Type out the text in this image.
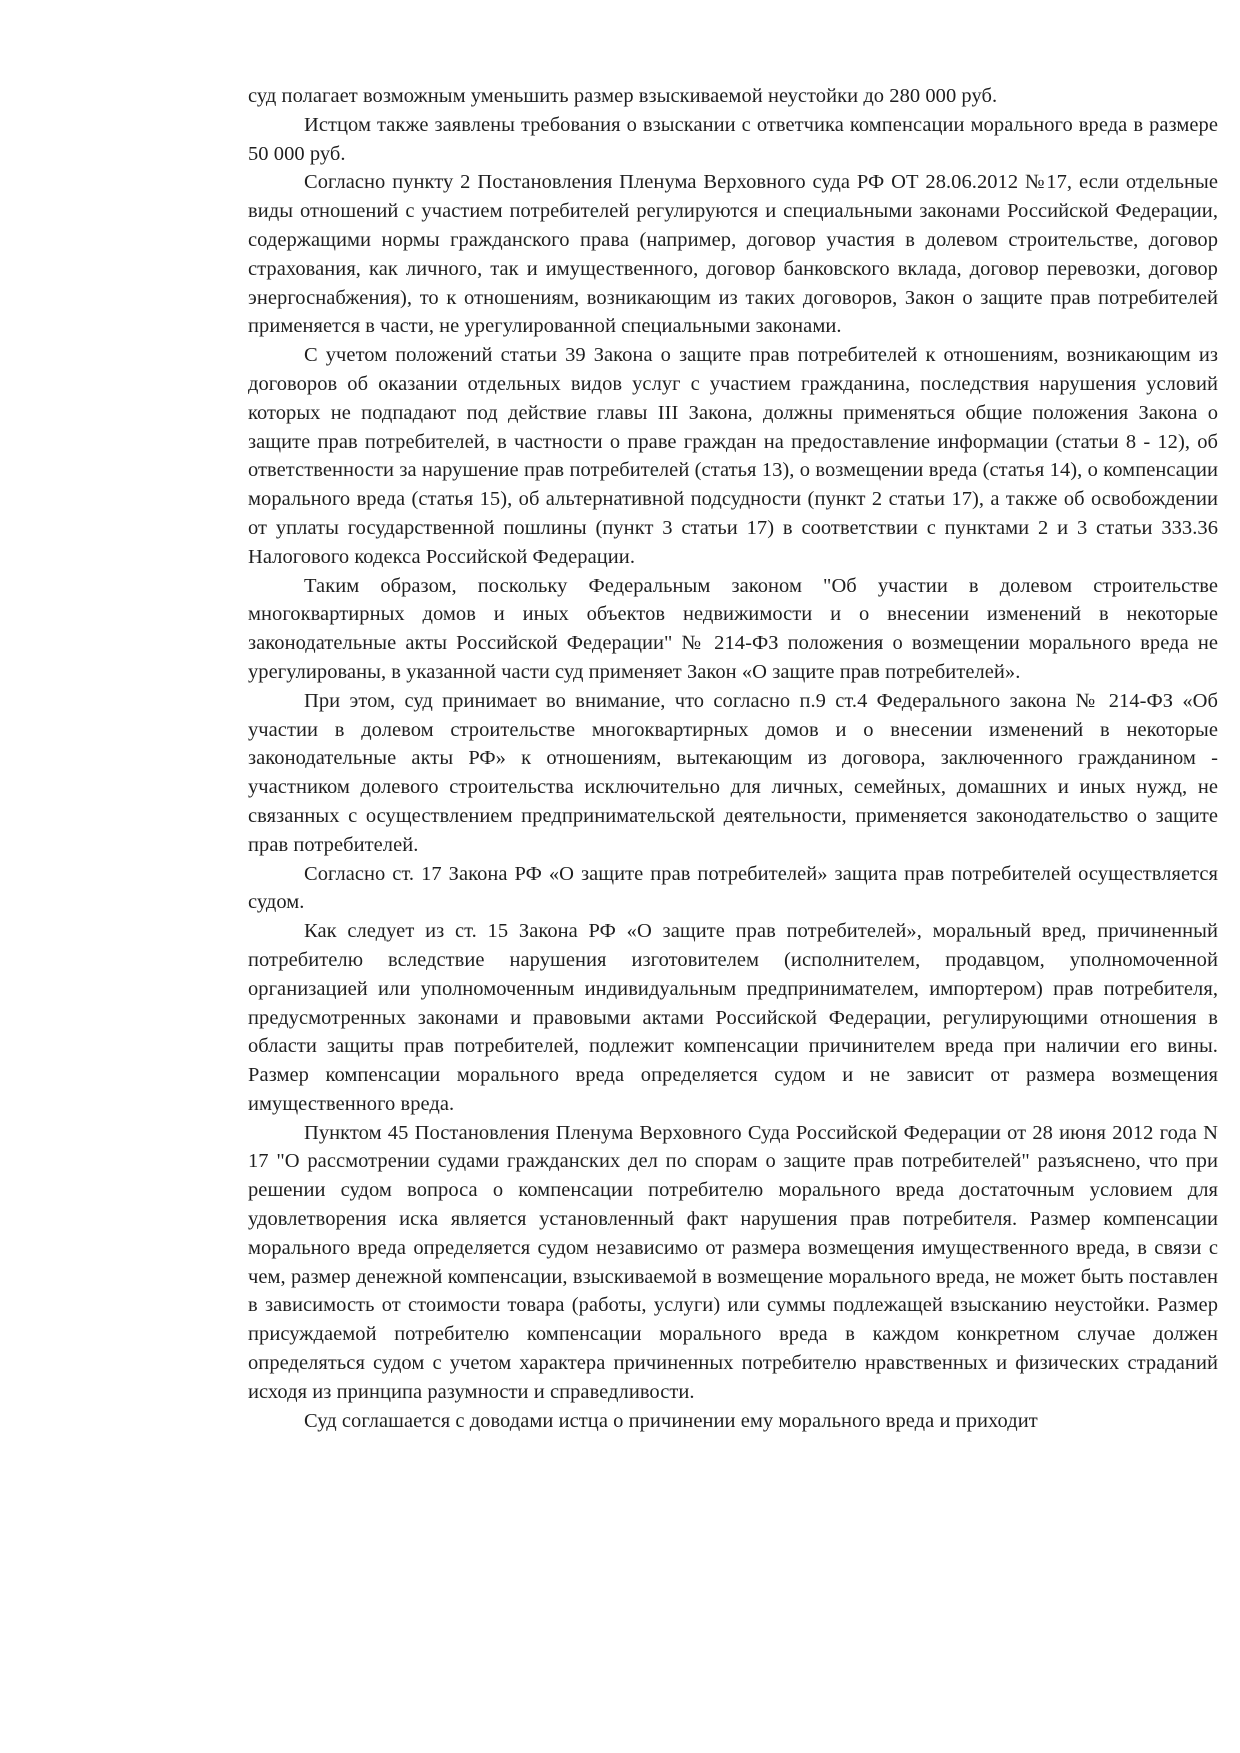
суд полагает возможным уменьшить размер взыскиваемой неустойки до 280 000 руб.

Истцом также заявлены требования о взыскании с ответчика компенсации морального вреда в размере 50 000 руб.

Согласно пункту 2 Постановления Пленума Верховного суда РФ ОТ 28.06.2012 №17, если отдельные виды отношений с участием потребителей регулируются и специальными законами Российской Федерации, содержащими нормы гражданского права (например, договор участия в долевом строительстве, договор страхования, как личного, так и имущественного, договор банковского вклада, договор перевозки, договор энергоснабжения), то к отношениям, возникающим из таких договоров, Закон о защите прав потребителей применяется в части, не урегулированной специальными законами.

С учетом положений статьи 39 Закона о защите прав потребителей к отношениям, возникающим из договоров об оказании отдельных видов услуг с участием гражданина, последствия нарушения условий которых не подпадают под действие главы III Закона, должны применяться общие положения Закона о защите прав потребителей, в частности о праве граждан на предоставление информации (статьи 8 - 12), об ответственности за нарушение прав потребителей (статья 13), о возмещении вреда (статья 14), о компенсации морального вреда (статья 15), об альтернативной подсудности (пункт 2 статьи 17), а также об освобождении от уплаты государственной пошлины (пункт 3 статьи 17) в соответствии с пунктами 2 и 3 статьи 333.36 Налогового кодекса Российской Федерации.

Таким образом, поскольку Федеральным законом "Об участии в долевом строительстве многоквартирных домов и иных объектов недвижимости и о внесении изменений в некоторые законодательные акты Российской Федерации" № 214-ФЗ положения о возмещении морального вреда не урегулированы, в указанной части суд применяет Закон «О защите прав потребителей».

При этом, суд принимает во внимание, что согласно п.9 ст.4 Федерального закона № 214-ФЗ «Об участии в долевом строительстве многоквартирных домов и о внесении изменений в некоторые законодательные акты РФ» к отношениям, вытекающим из договора, заключенного гражданином - участником долевого строительства исключительно для личных, семейных, домашних и иных нужд, не связанных с осуществлением предпринимательской деятельности, применяется законодательство о защите прав потребителей.

Согласно ст. 17 Закона РФ «О защите прав потребителей» защита прав потребителей осуществляется судом.

Как следует из ст. 15 Закона РФ «О защите прав потребителей», моральный вред, причиненный потребителю вследствие нарушения изготовителем (исполнителем, продавцом, уполномоченной организацией или уполномоченным индивидуальным предпринимателем, импортером) прав потребителя, предусмотренных законами и правовыми актами Российской Федерации, регулирующими отношения в области защиты прав потребителей, подлежит компенсации причинителем вреда при наличии его вины. Размер компенсации морального вреда определяется судом и не зависит от размера возмещения имущественного вреда.

Пунктом 45 Постановления Пленума Верховного Суда Российской Федерации от 28 июня 2012 года N 17 "О рассмотрении судами гражданских дел по спорам о защите прав потребителей" разъяснено, что при решении судом вопроса о компенсации потребителю морального вреда достаточным условием для удовлетворения иска является установленный факт нарушения прав потребителя. Размер компенсации морального вреда определяется судом независимо от размера возмещения имущественного вреда, в связи с чем, размер денежной компенсации, взыскиваемой в возмещение морального вреда, не может быть поставлен в зависимость от стоимости товара (работы, услуги) или суммы подлежащей взысканию неустойки. Размер присуждаемой потребителю компенсации морального вреда в каждом конкретном случае должен определяться судом с учетом характера причиненных потребителю нравственных и физических страданий исходя из принципа разумности и справедливости.

Суд соглашается с доводами истца о причинении ему морального вреда и приходит
